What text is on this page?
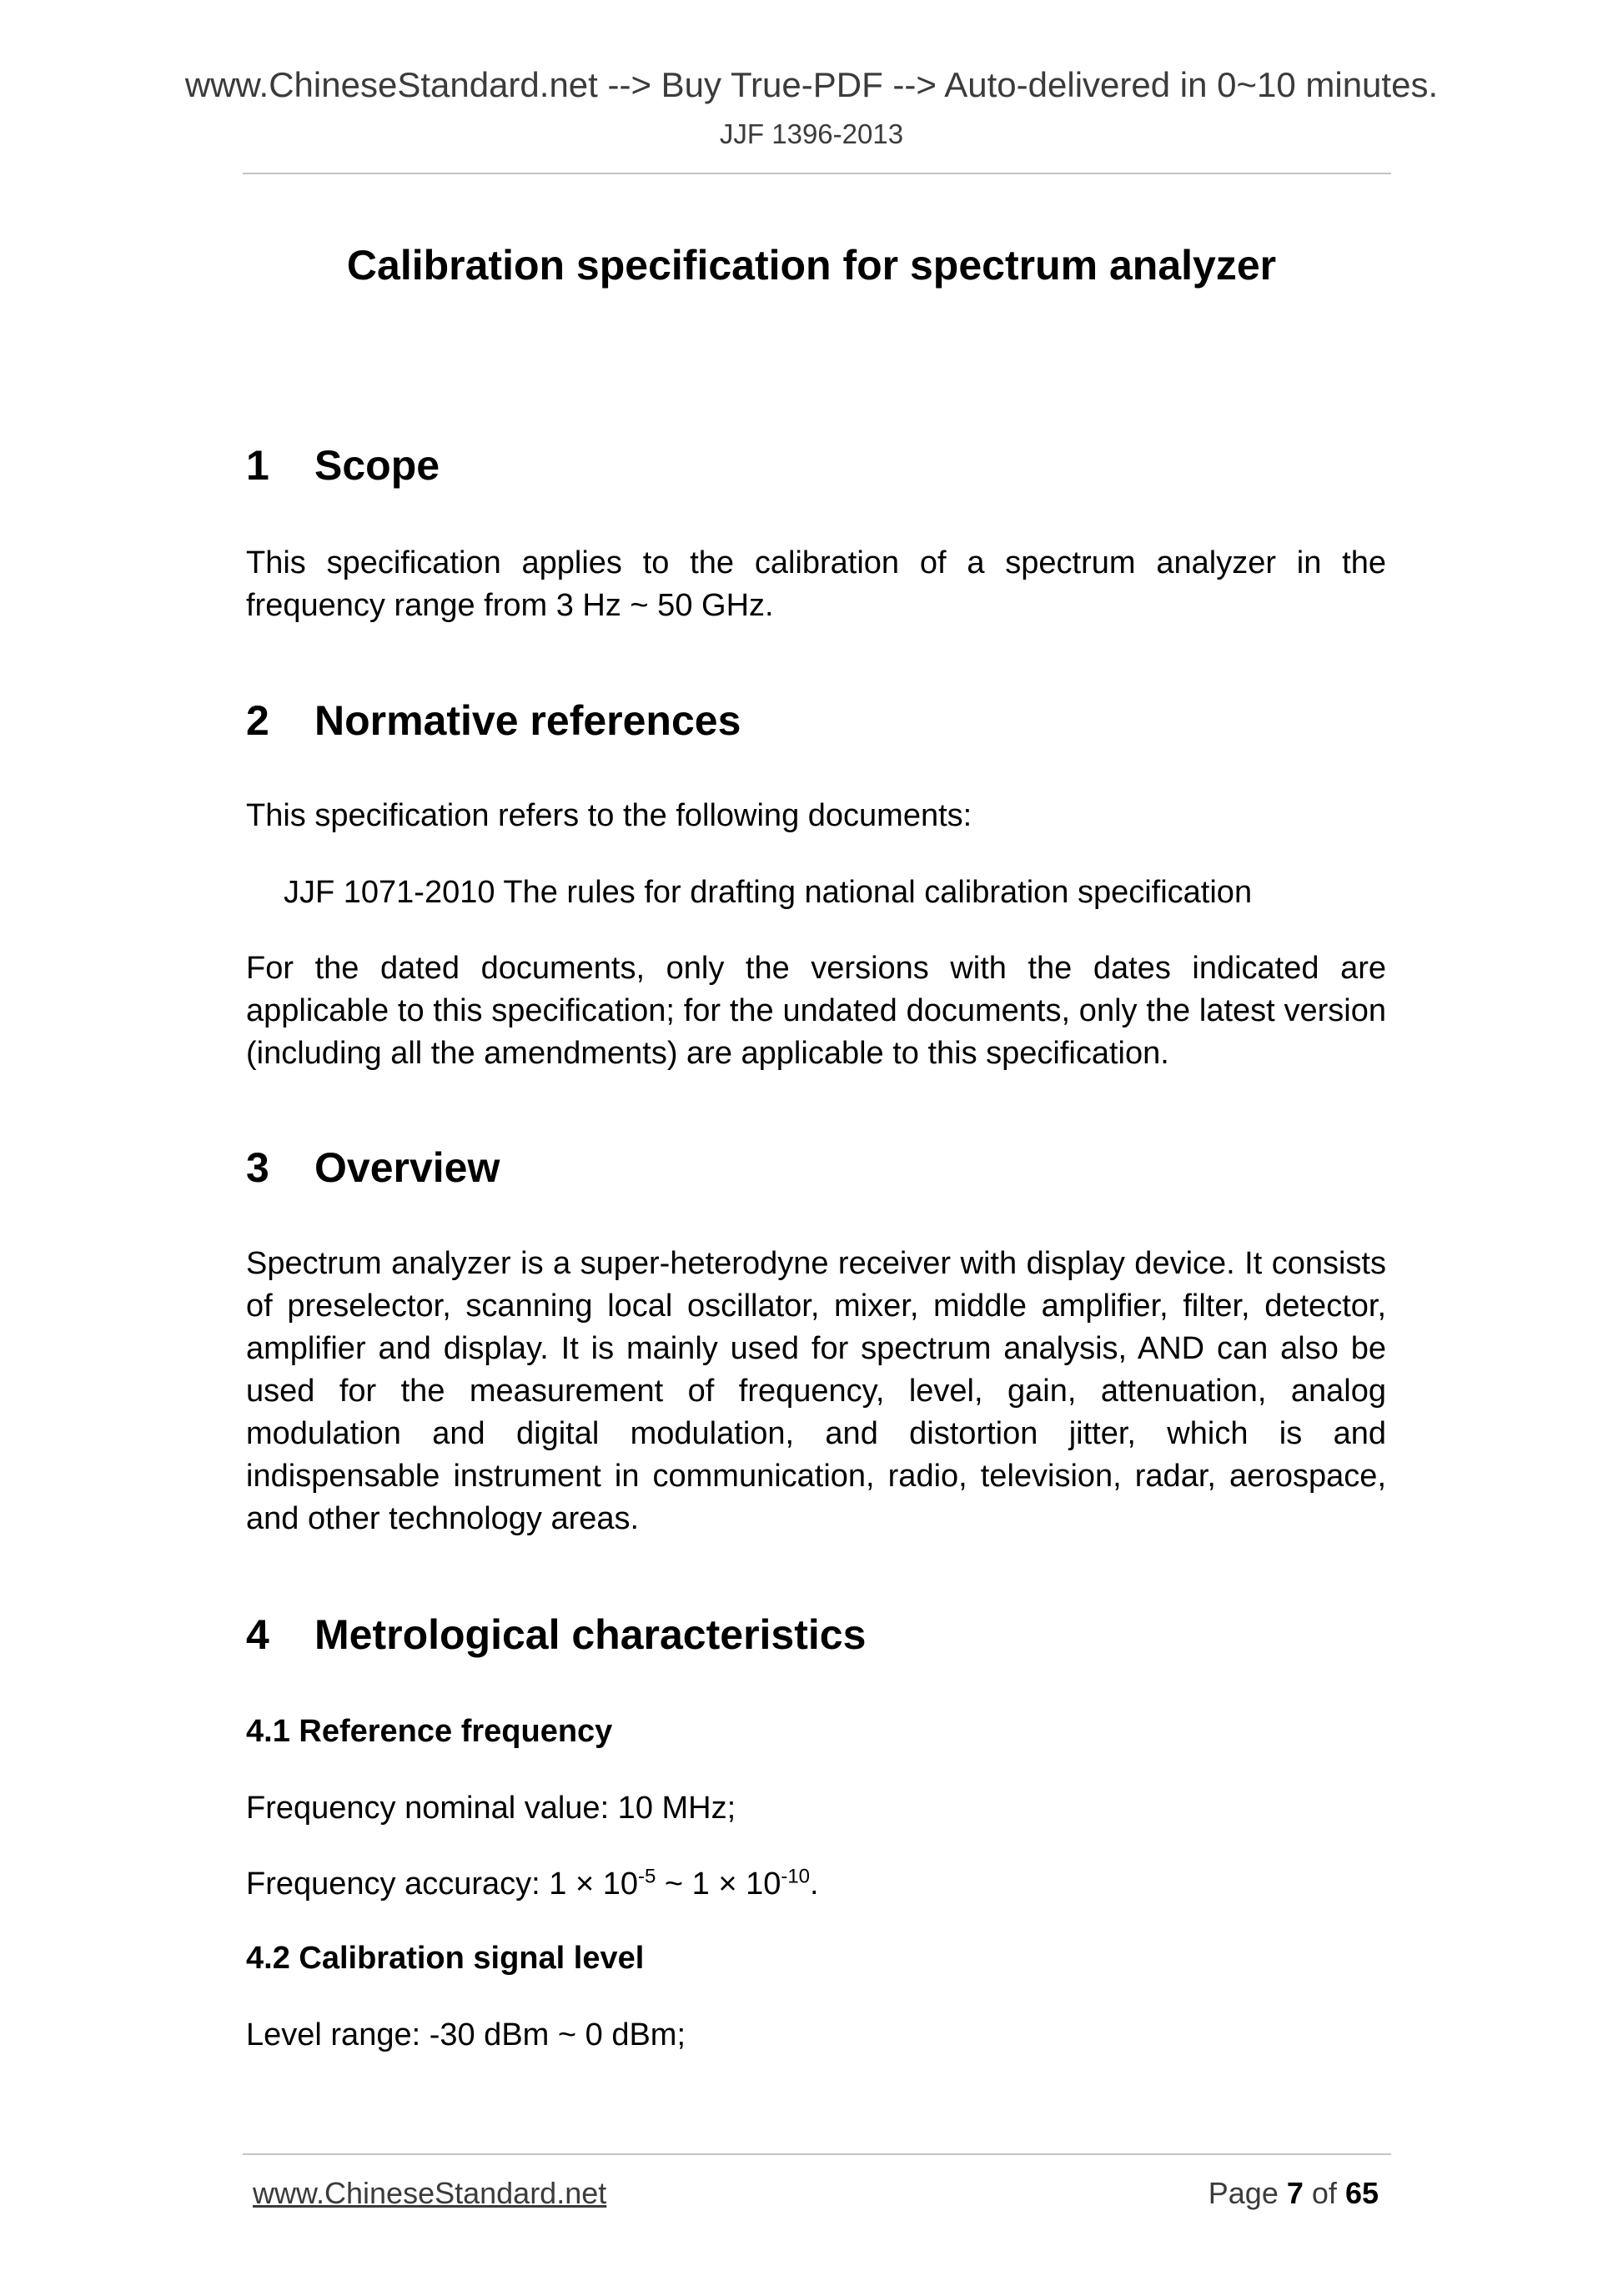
www.ChineseStandard.net --> Buy True-PDF --> Auto-delivered in 0~10 minutes.
JJF 1396-2013
Calibration specification for spectrum analyzer
1	Scope

This specification applies to the calibration of a spectrum analyzer in the frequency range from 3 Hz ~ 50 GHz.

2	Normative references

This specification refers to the following documents:

JJF 1071-2010 The rules for drafting national calibration specification

For the dated documents, only the versions with the dates indicated are applicable to this specification; for the undated documents, only the latest version (including all the amendments) are applicable to this specification.

3	Overview

Spectrum analyzer is a super-heterodyne receiver with display device. It consists of preselector, scanning local oscillator, mixer, middle amplifier, filter, detector, amplifier and display. It is mainly used for spectrum analysis, AND can also be used for the measurement of frequency, level, gain, attenuation, analog modulation and digital modulation, and distortion jitter, which is and indispensable instrument in communication, radio, television, radar, aerospace, and other technology areas.

4	Metrological characteristics
4.1 Reference frequency

Frequency nominal value: 10 MHz;

Frequency accuracy: $1 \times 10^{-5}$ ~ $1 \times 10^{-10}$.

4.2 Calibration signal level

Level range: -30 dBm ~ 0 dBm;

www.ChineseStandard.net	Page 7 of 65
